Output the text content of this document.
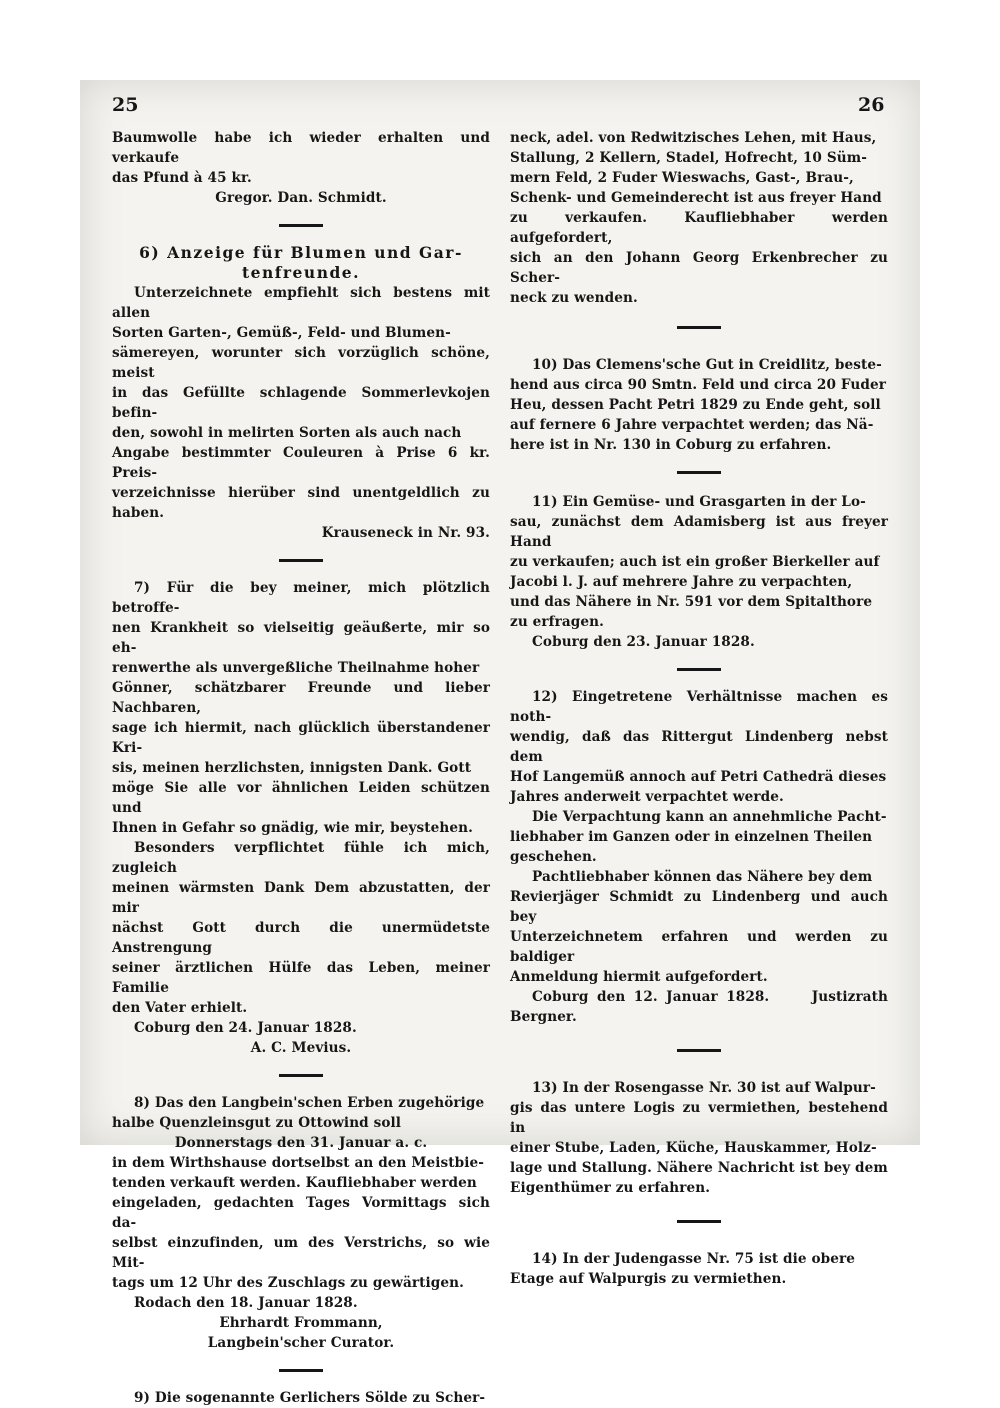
25	26

Baumwolle habe ich wieder erhalten und verkaufe

das Pfund à 45 kr.

Gregor. Dan. Schmidt.

6) Anzeige für Blumen und Gar-

tenfreunde.

Unterzeichnete empfiehlt sich bestens mit allen

Sorten Garten-, Gemüß-, Feld- und Blumen-

sämereyen, worunter sich vorzüglich schöne, meist

in das Gefüllte schlagende Sommerlevkojen befin-

den, sowohl in melirten Sorten als auch nach

Angabe bestimmter Couleuren à Prise 6 kr. Preis-

verzeichnisse hierüber sind unentgeldlich zu haben.

Krauseneck in Nr. 93.

7) Für die bey meiner, mich plötzlich betroffe-

nen Krankheit so vielseitig geäußerte, mir so eh-

renwerthe als unvergeßliche Theilnahme hoher

Gönner, schätzbarer Freunde und lieber Nachbaren,

sage ich hiermit, nach glücklich überstandener Kri-

sis, meinen herzlichsten, innigsten Dank. Gott

möge Sie alle vor ähnlichen Leiden schützen und

Ihnen in Gefahr so gnädig, wie mir, beystehen.

Besonders verpflichtet fühle ich mich, zugleich

meinen wärmsten Dank Dem abzustatten, der mir

nächst Gott durch die unermüdetste Anstrengung

seiner ärztlichen Hülfe das Leben, meiner Familie

den Vater erhielt.

Coburg den 24. Januar 1828.

A. C. Mevius.

8) Das den Langbein'schen Erben zugehörige

halbe Quenzleinsgut zu Ottowind soll

Donnerstags den 31. Januar a. c.

in dem Wirthshause dortselbst an den Meistbie-

tenden verkauft werden. Kaufliebhaber werden

eingeladen, gedachten Tages Vormittags sich da-

selbst einzufinden, um des Verstrichs, so wie Mit-

tags um 12 Uhr des Zuschlags zu gewärtigen.

Rodach den 18. Januar 1828.

Ehrhardt Frommann,

Langbein'scher Curator.

9) Die sogenannte Gerlichers Sölde zu Scher-

neck, adel. von Redwitzisches Lehen, mit Haus,

Stallung, 2 Kellern, Stadel, Hofrecht, 10 Süm-

mern Feld, 2 Fuder Wieswachs, Gast-, Brau-,

Schenk- und Gemeinderecht ist aus freyer Hand

zu verkaufen. Kaufliebhaber werden aufgefordert,

sich an den Johann Georg Erkenbrecher zu Scher-

neck zu wenden.

10) Das Clemens'sche Gut in Creidlitz, beste-

hend aus circa 90 Smtn. Feld und circa 20 Fuder

Heu, dessen Pacht Petri 1829 zu Ende geht, soll

auf fernere 6 Jahre verpachtet werden; das Nä-

here ist in Nr. 130 in Coburg zu erfahren.

11) Ein Gemüse- und Grasgarten in der Lo-

sau, zunächst dem Adamisberg ist aus freyer Hand

zu verkaufen; auch ist ein großer Bierkeller auf

Jacobi l. J. auf mehrere Jahre zu verpachten,

und das Nähere in Nr. 591 vor dem Spitalthore

zu erfragen.

Coburg den 23. Januar 1828.

12) Eingetretene Verhältnisse machen es noth-

wendig, daß das Rittergut Lindenberg nebst dem

Hof Langemüß annoch auf Petri Cathedrä dieses

Jahres anderweit verpachtet werde.

Die Verpachtung kann an annehmliche Pacht-

liebhaber im Ganzen oder in einzelnen Theilen

geschehen.

Pachtliebhaber können das Nähere bey dem

Revierjäger Schmidt zu Lindenberg und auch bey

Unterzeichnetem erfahren und werden zu baldiger

Anmeldung hiermit aufgefordert.

Coburg den 12. Januar 1828.	Justizrath Bergner.

13) In der Rosengasse Nr. 30 ist auf Walpur-

gis das untere Logis zu vermiethen, bestehend in

einer Stube, Laden, Küche, Hauskammer, Holz-

lage und Stallung. Nähere Nachricht ist bey dem

Eigenthümer zu erfahren.

14) In der Judengasse Nr. 75 ist die obere

Etage auf Walpurgis zu vermiethen.
